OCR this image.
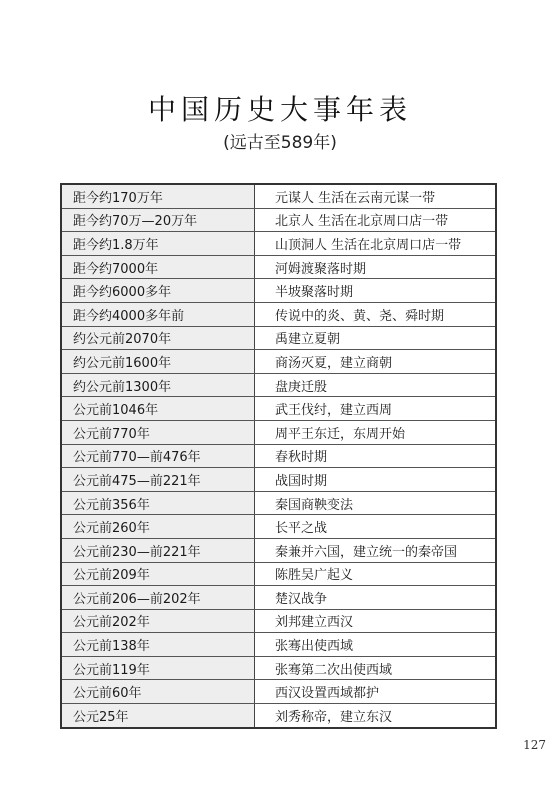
中国历史大事年表
(远古至589年)
距今约170万年	元谋人 生活在云南元谋一带
距今约70万—20万年	北京人 生活在北京周口店一带
距今约1.8万年	山顶洞人 生活在北京周口店一带
距今约7000年	河姆渡聚落时期
距今约6000多年	半坡聚落时期
距今约4000多年前	传说中的炎、黄、尧、舜时期
约公元前2070年	禹建立夏朝
约公元前1600年	商汤灭夏，建立商朝
约公元前1300年	盘庚迁殷
公元前1046年	武王伐纣，建立西周
公元前770年	周平王东迁，东周开始
公元前770—前476年	春秋时期
公元前475—前221年	战国时期
公元前356年	秦国商鞅变法
公元前260年	长平之战
公元前230—前221年	秦兼并六国，建立统一的秦帝国
公元前209年	陈胜吴广起义
公元前206—前202年	楚汉战争
公元前202年	刘邦建立西汉
公元前138年	张骞出使西域
公元前119年	张骞第二次出使西域
公元前60年	西汉设置西域都护
公元25年	刘秀称帝，建立东汉
127
